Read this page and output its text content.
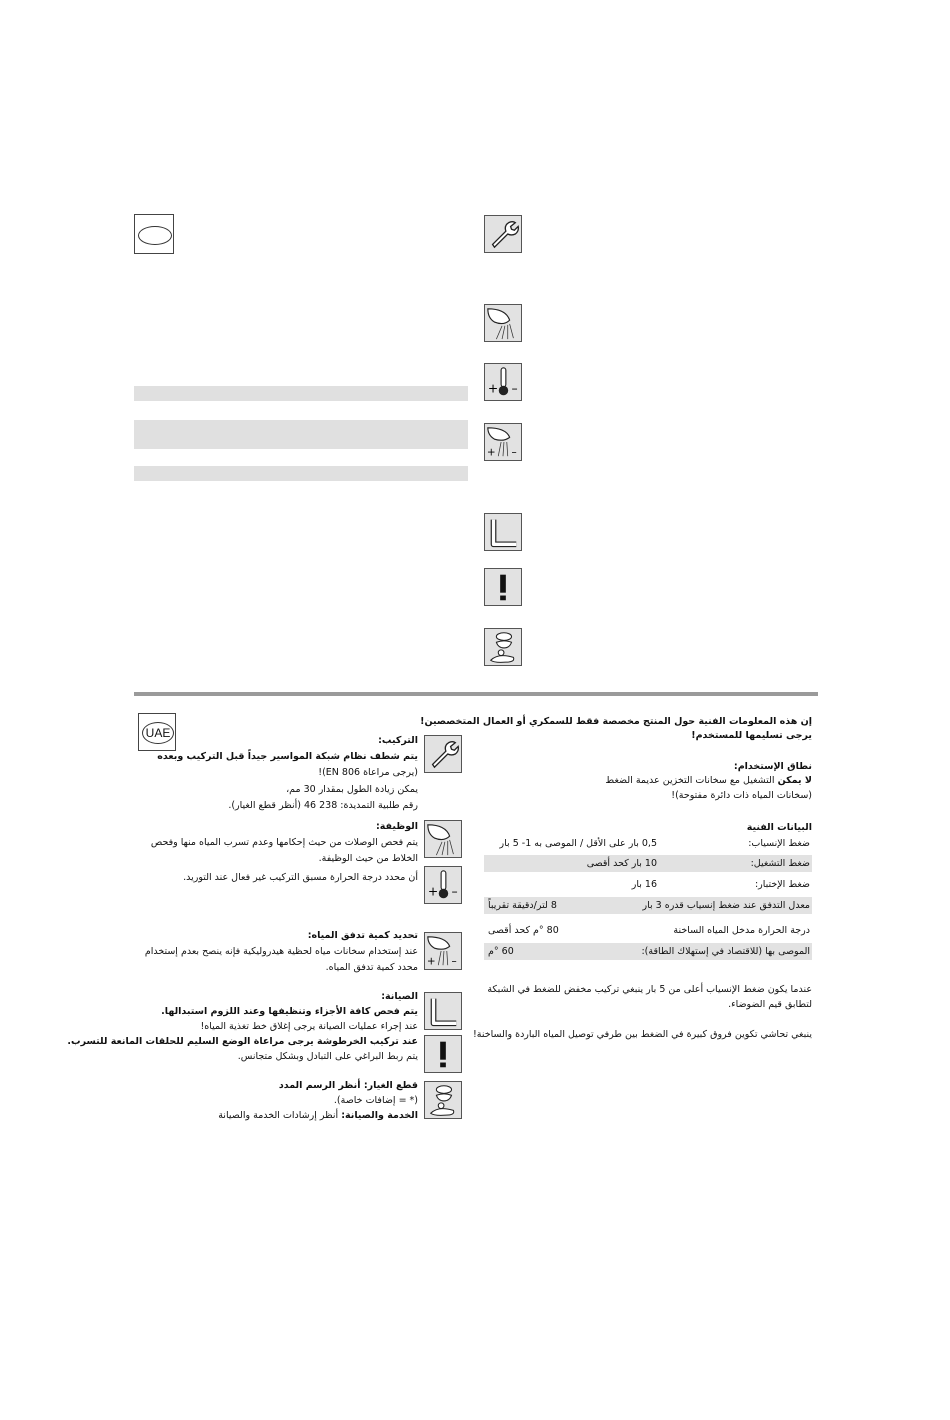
+ –
+ –
إن هذه المعلومات الفنية حول المنتج مخصصة فقط للسمكري أو العمال المتخصصين!
يرجى تسليمها للمستخدم!
نطاق الإستخدام:
لا يمكن التشغيل مع سخانات التخزين عديمة الضغط
(سخانات المياه ذات دائرة مفتوحة)!
البيانات الفنية
ضغط الإنسياب:
0,5 بار على الأقل / الموصى به 1- 5 بار
ضغط التشغيل:
10 بار كحد أقصى
ضغط الإختبار:
16 بار
معدل التدفق عند ضغط إنسياب قدره 3 بار
8 لتر/دقيقة تقريباً
درجة الحرارة مدخل المياه الساخنة
80 °م كحد أقصى
الموصى بها (للاقتصاد في إستهلاك الطاقة):
60 °م
عندما يكون ضغط الإنسياب أعلى من 5 بار ينبغي تركيب مخفض للضغط في الشبكة
لتطابق قيم الضوضاء.
ينبغي تحاشي تكوين فروق كبيرة في الضغط بين طرفي توصيل المياه الباردة والساخنة!
UAE
التركيب:
يتم شطف نظام شبكة المواسير جيداً قبل التركيب وبعده
(يرجى مراعاة EN 806)!
يمكن زيادة الطول بمقدار 30 مم،
رقم طلبية التمديدة: 238 46 (أنظر قطع الغيار).
الوظيفة:
يتم فحص الوصلات من حيث إحكامها وعدم تسرب المياه منها وفحص
الخلاط من حيث الوظيفة.
+ –
أن محدد درجة الحرارة مسبق التركيب غير فعال عند التوريد.
+ –
تحديد كمية تدفق المياه:
عند إستخدام سخانات مياه لحظية هيدروليكية فإنه ينصح بعدم إستخدام
محدد كمية تدفق المياه.
الصيانة:
يتم فحص كافة الأجزاء وتنظيفها وعند اللزوم استبدالها.
عند إجراء عمليات الصيانة يرجى إغلاق خط تغذية المياه!
عند تركيب الخرطوشة يرجى مراعاة الوضع السليم للحلقات المانعة للتسرب.
يتم ربط البراغي على التبادل وبشكل متجانس.
قطع الغيار: أنظر الرسم المدد
(* = إضافات خاصة).
الخدمة والصيانة: أنظر إرشادات الخدمة والصيانة
